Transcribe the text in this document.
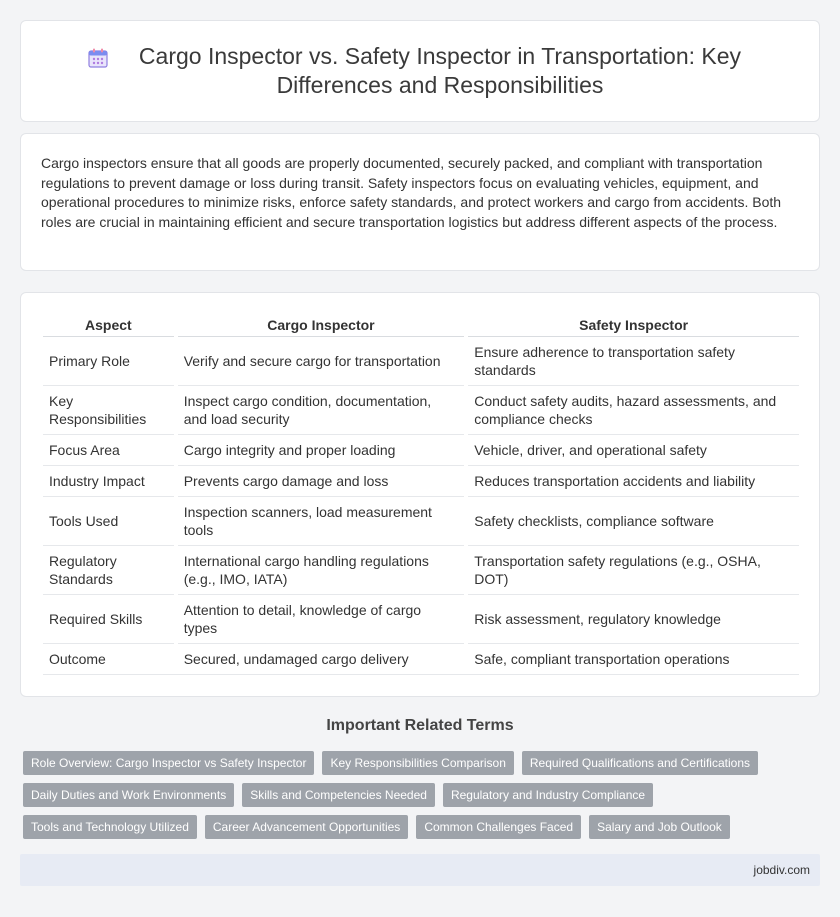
Cargo Inspector vs. Safety Inspector in Transportation: Key Differences and Responsibilities

Cargo inspectors ensure that all goods are properly documented, securely packed, and compliant with transportation regulations to prevent damage or loss during transit. Safety inspectors focus on evaluating vehicles, equipment, and operational procedures to minimize risks, enforce safety standards, and protect workers and cargo from accidents. Both roles are crucial in maintaining efficient and secure transportation logistics but address different aspects of the process.

Aspect		Cargo Inspector		Safety Inspector
Primary Role		Verify and secure cargo for transportation		Ensure adherence to transportation safety standards
Key Responsibilities		Inspect cargo condition, documentation, and load security		Conduct safety audits, hazard assessments, and compliance checks
Focus Area		Cargo integrity and proper loading		Vehicle, driver, and operational safety
Industry Impact		Prevents cargo damage and loss		Reduces transportation accidents and liability
Tools Used		Inspection scanners, load measurement tools		Safety checklists, compliance software
Regulatory Standards		International cargo handling regulations (e.g., IMO, IATA)		Transportation safety regulations (e.g., OSHA, DOT)
Required Skills		Attention to detail, knowledge of cargo types		Risk assessment, regulatory knowledge
Outcome		Secured, undamaged cargo delivery		Safe, compliant transportation operations
Important Related Terms
Role Overview: Cargo Inspector vs Safety Inspector	Key Responsibilities Comparison	Required Qualifications and Certifications
Daily Duties and Work Environments	Skills and Competencies Needed	Regulatory and Industry Compliance
Tools and Technology Utilized	Career Advancement Opportunities	Common Challenges Faced	Salary and Job Outlook
jobdiv.com
